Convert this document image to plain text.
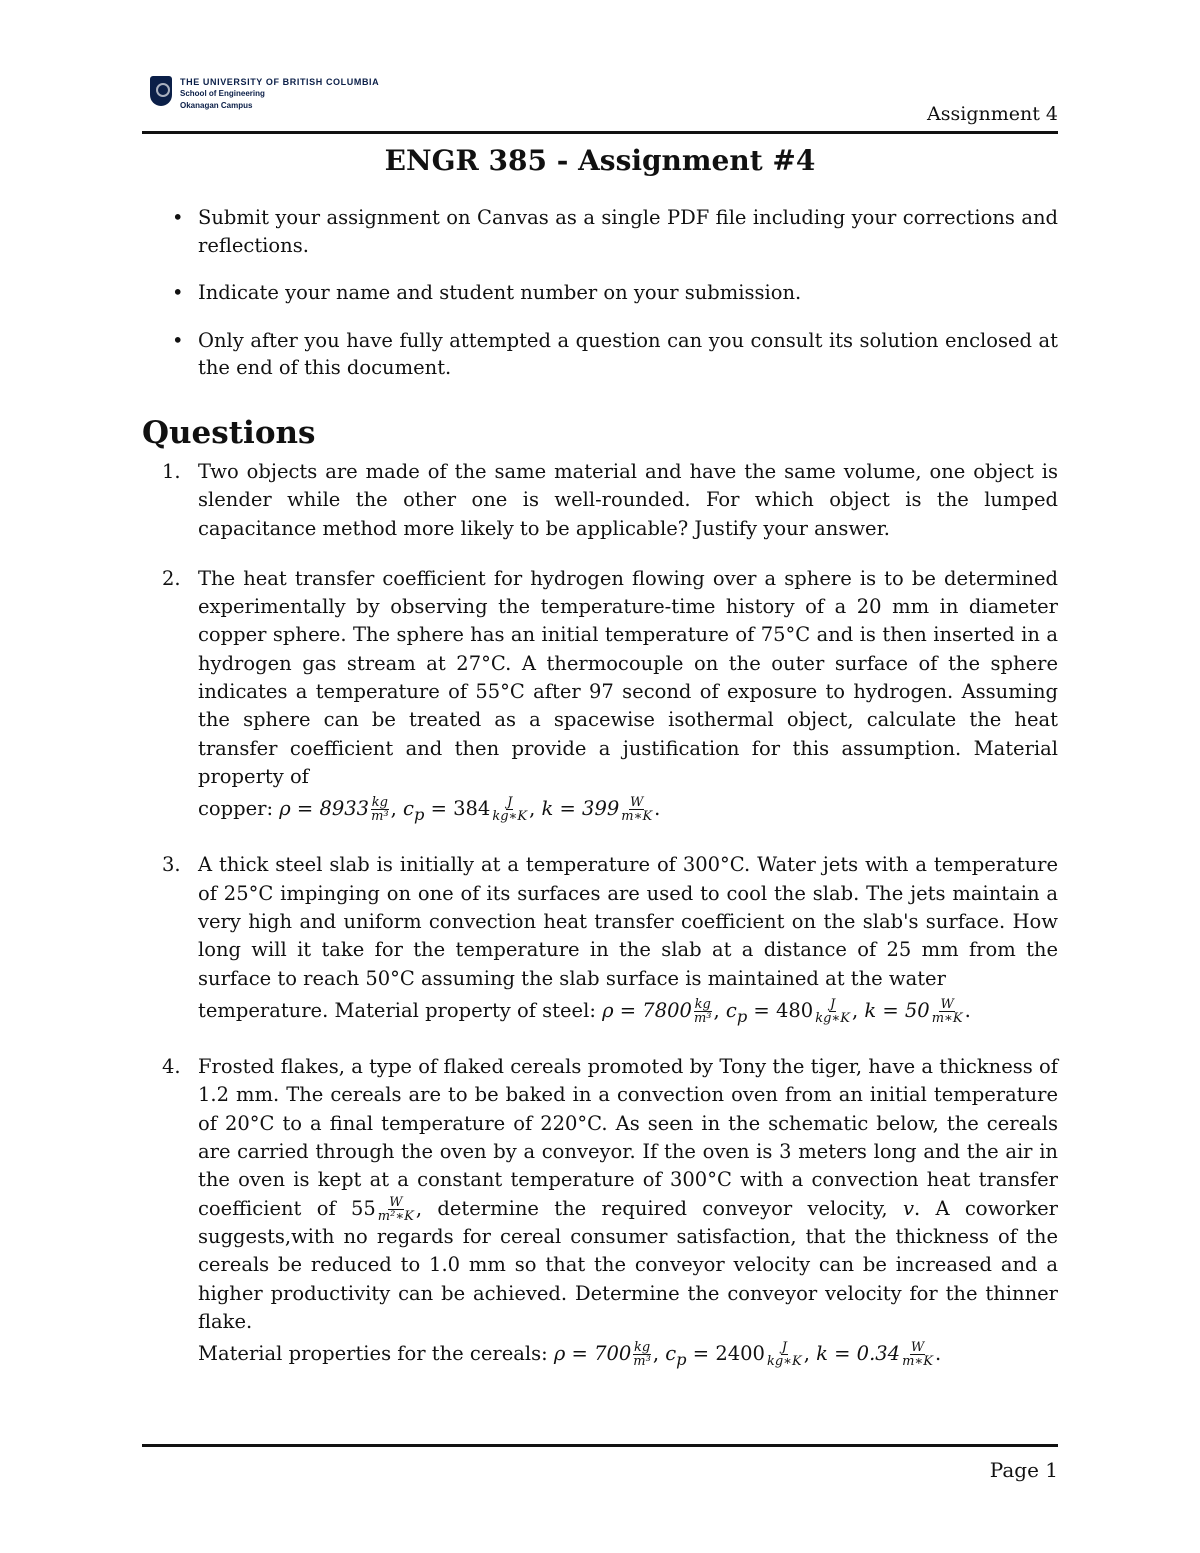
THE UNIVERSITY OF BRITISH COLUMBIA
School of Engineering
Okanagan Campus	Assignment 4
ENGR 385 - Assignment #4
• Submit your assignment on Canvas as a single PDF file including your corrections and reflections.
• Indicate your name and student number on your submission.
• Only after you have fully attempted a question can you consult its solution enclosed at the end of this document.
Questions
1. Two objects are made of the same material and have the same volume, one object is slender while the other one is well-rounded. For which object is the lumped capacitance method more likely to be applicable? Justify your answer.
2. The heat transfer coefficient for hydrogen flowing over a sphere is to be determined experimentally by observing the temperature-time history of a 20 mm in diameter copper sphere. The sphere has an initial temperature of 75°C and is then inserted in a hydrogen gas stream at 27°C. A thermocouple on the outer surface of the sphere indicates a temperature of 55°C after 97 second of exposure to hydrogen. Assuming the sphere can be treated as a spacewise isothermal object, calculate the heat transfer coefficient and then provide a justification for this assumption. Material property of
copper: $\rho = 8933 \frac{kg}{\text{m³}}$ , $c_p = 384 \frac{J}{kg∗K}$ , $k = 399 \frac{W}{m∗K}$ .
3. A thick steel slab is initially at a temperature of 300°C. Water jets with a temperature of 25°C impinging on one of its surfaces are used to cool the slab. The jets maintain a very high and uniform convection heat transfer coefficient on the slab's surface. How long will it take for the temperature in the slab at a distance of 25 mm from the surface to reach 50°C assuming the slab surface is maintained at the water
temperature. Material property of steel: $\rho = 7800 \frac{kg}{\text{m³}}$ , $c_p = 480 \frac{J}{kg∗K}$ , $k = 50 \frac{W}{m∗K}$ .
4. Frosted flakes, a type of flaked cereals promoted by Tony the tiger, have a thickness of 1.2 mm. The cereals are to be baked in a convection oven from an initial temperature of 20°C to a final temperature of 220°C. As seen in the schematic below, the cereals are carried through the oven by a conveyor. If the oven is 3 meters long and the air in the oven is kept at a constant temperature of 300°C with a convection heat transfer coefficient of $55 \frac{W}{\text{m²∗K}}$ , determine the required conveyor velocity, v. A coworker suggests,with no regards for cereal consumer satisfaction, that the thickness of the cereals be reduced to 1.0 mm so that the conveyor velocity can be increased and a higher productivity can be achieved. Determine the conveyor velocity for the thinner flake.
Material properties for the cereals: $\rho = 700 \frac{kg}{\text{m³}}$ , $c_p = 2400 \frac{J}{kg∗K}$ , $k = 0.34 \frac{W}{m∗K}$ .
Page 1
